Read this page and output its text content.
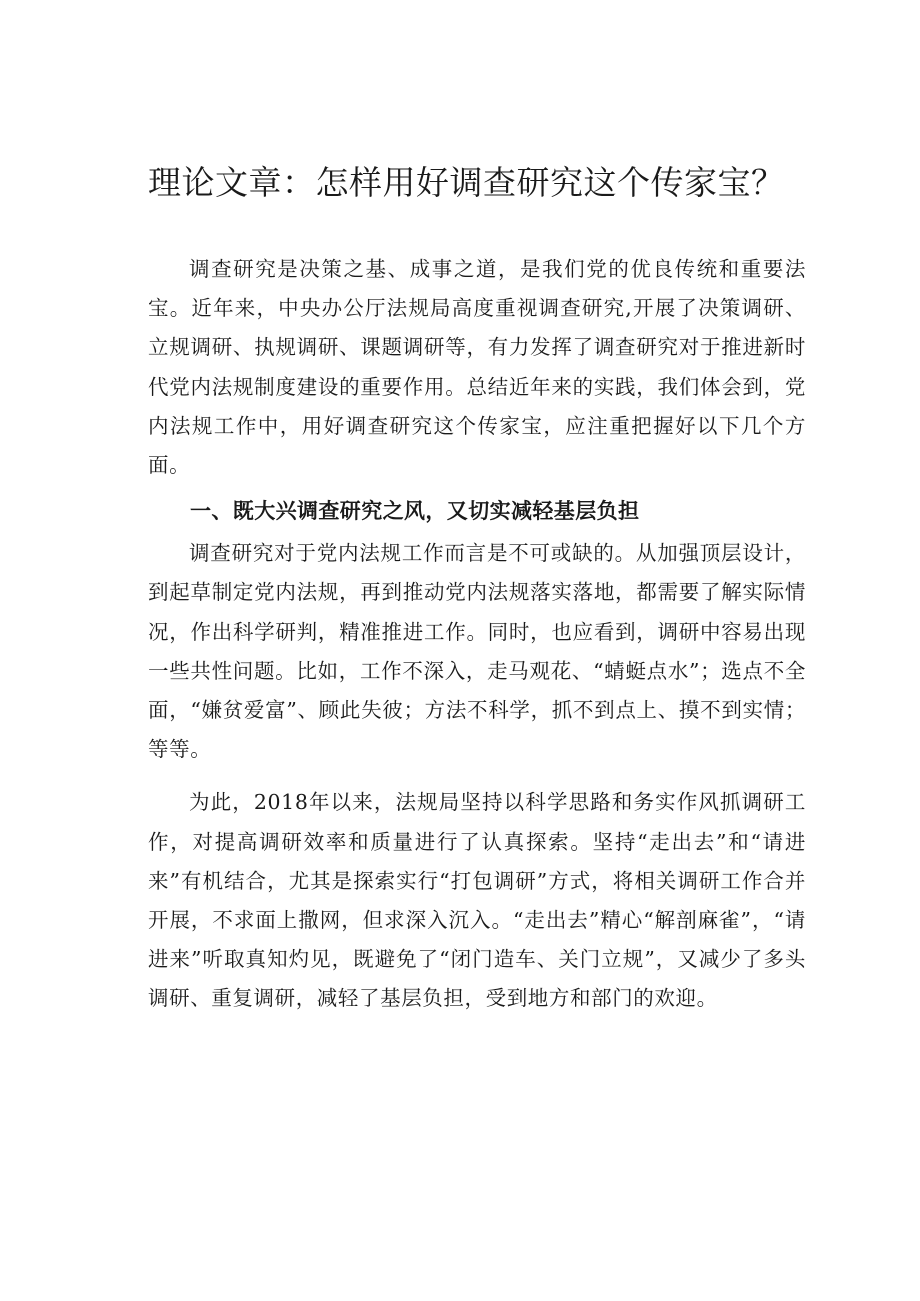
理论文章：怎样用好调查研究这个传家宝？

调查研究是决策之基、成事之道，是我们党的优良传统和重要法宝。近年来，中央办公厅法规局高度重视调查研究,开展了决策调研、立规调研、执规调研、课题调研等，有力发挥了调查研究对于推进新时代党内法规制度建设的重要作用。总结近年来的实践，我们体会到，党内法规工作中，用好调查研究这个传家宝，应注重把握好以下几个方面。

一、既大兴调查研究之风，又切实减轻基层负担

调查研究对于党内法规工作而言是不可或缺的。从加强顶层设计，到起草制定党内法规，再到推动党内法规落实落地，都需要了解实际情况，作出科学研判，精准推进工作。同时，也应看到，调研中容易出现一些共性问题。比如，工作不深入，走马观花、“蜻蜓点水”；选点不全面，“嫌贫爱富”、顾此失彼；方法不科学，抓不到点上、摸不到实情；等等。

为此，2018年以来，法规局坚持以科学思路和务实作风抓调研工作，对提高调研效率和质量进行了认真探索。坚持“走出去”和“请进来”有机结合，尤其是探索实行“打包调研”方式，将相关调研工作合并开展，不求面上撒网，但求深入沉入。“走出去”精心“解剖麻雀”，“请进来”听取真知灼见，既避免了“闭门造车、关门立规”，又减少了多头调研、重复调研，减轻了基层负担，受到地方和部门的欢迎。
